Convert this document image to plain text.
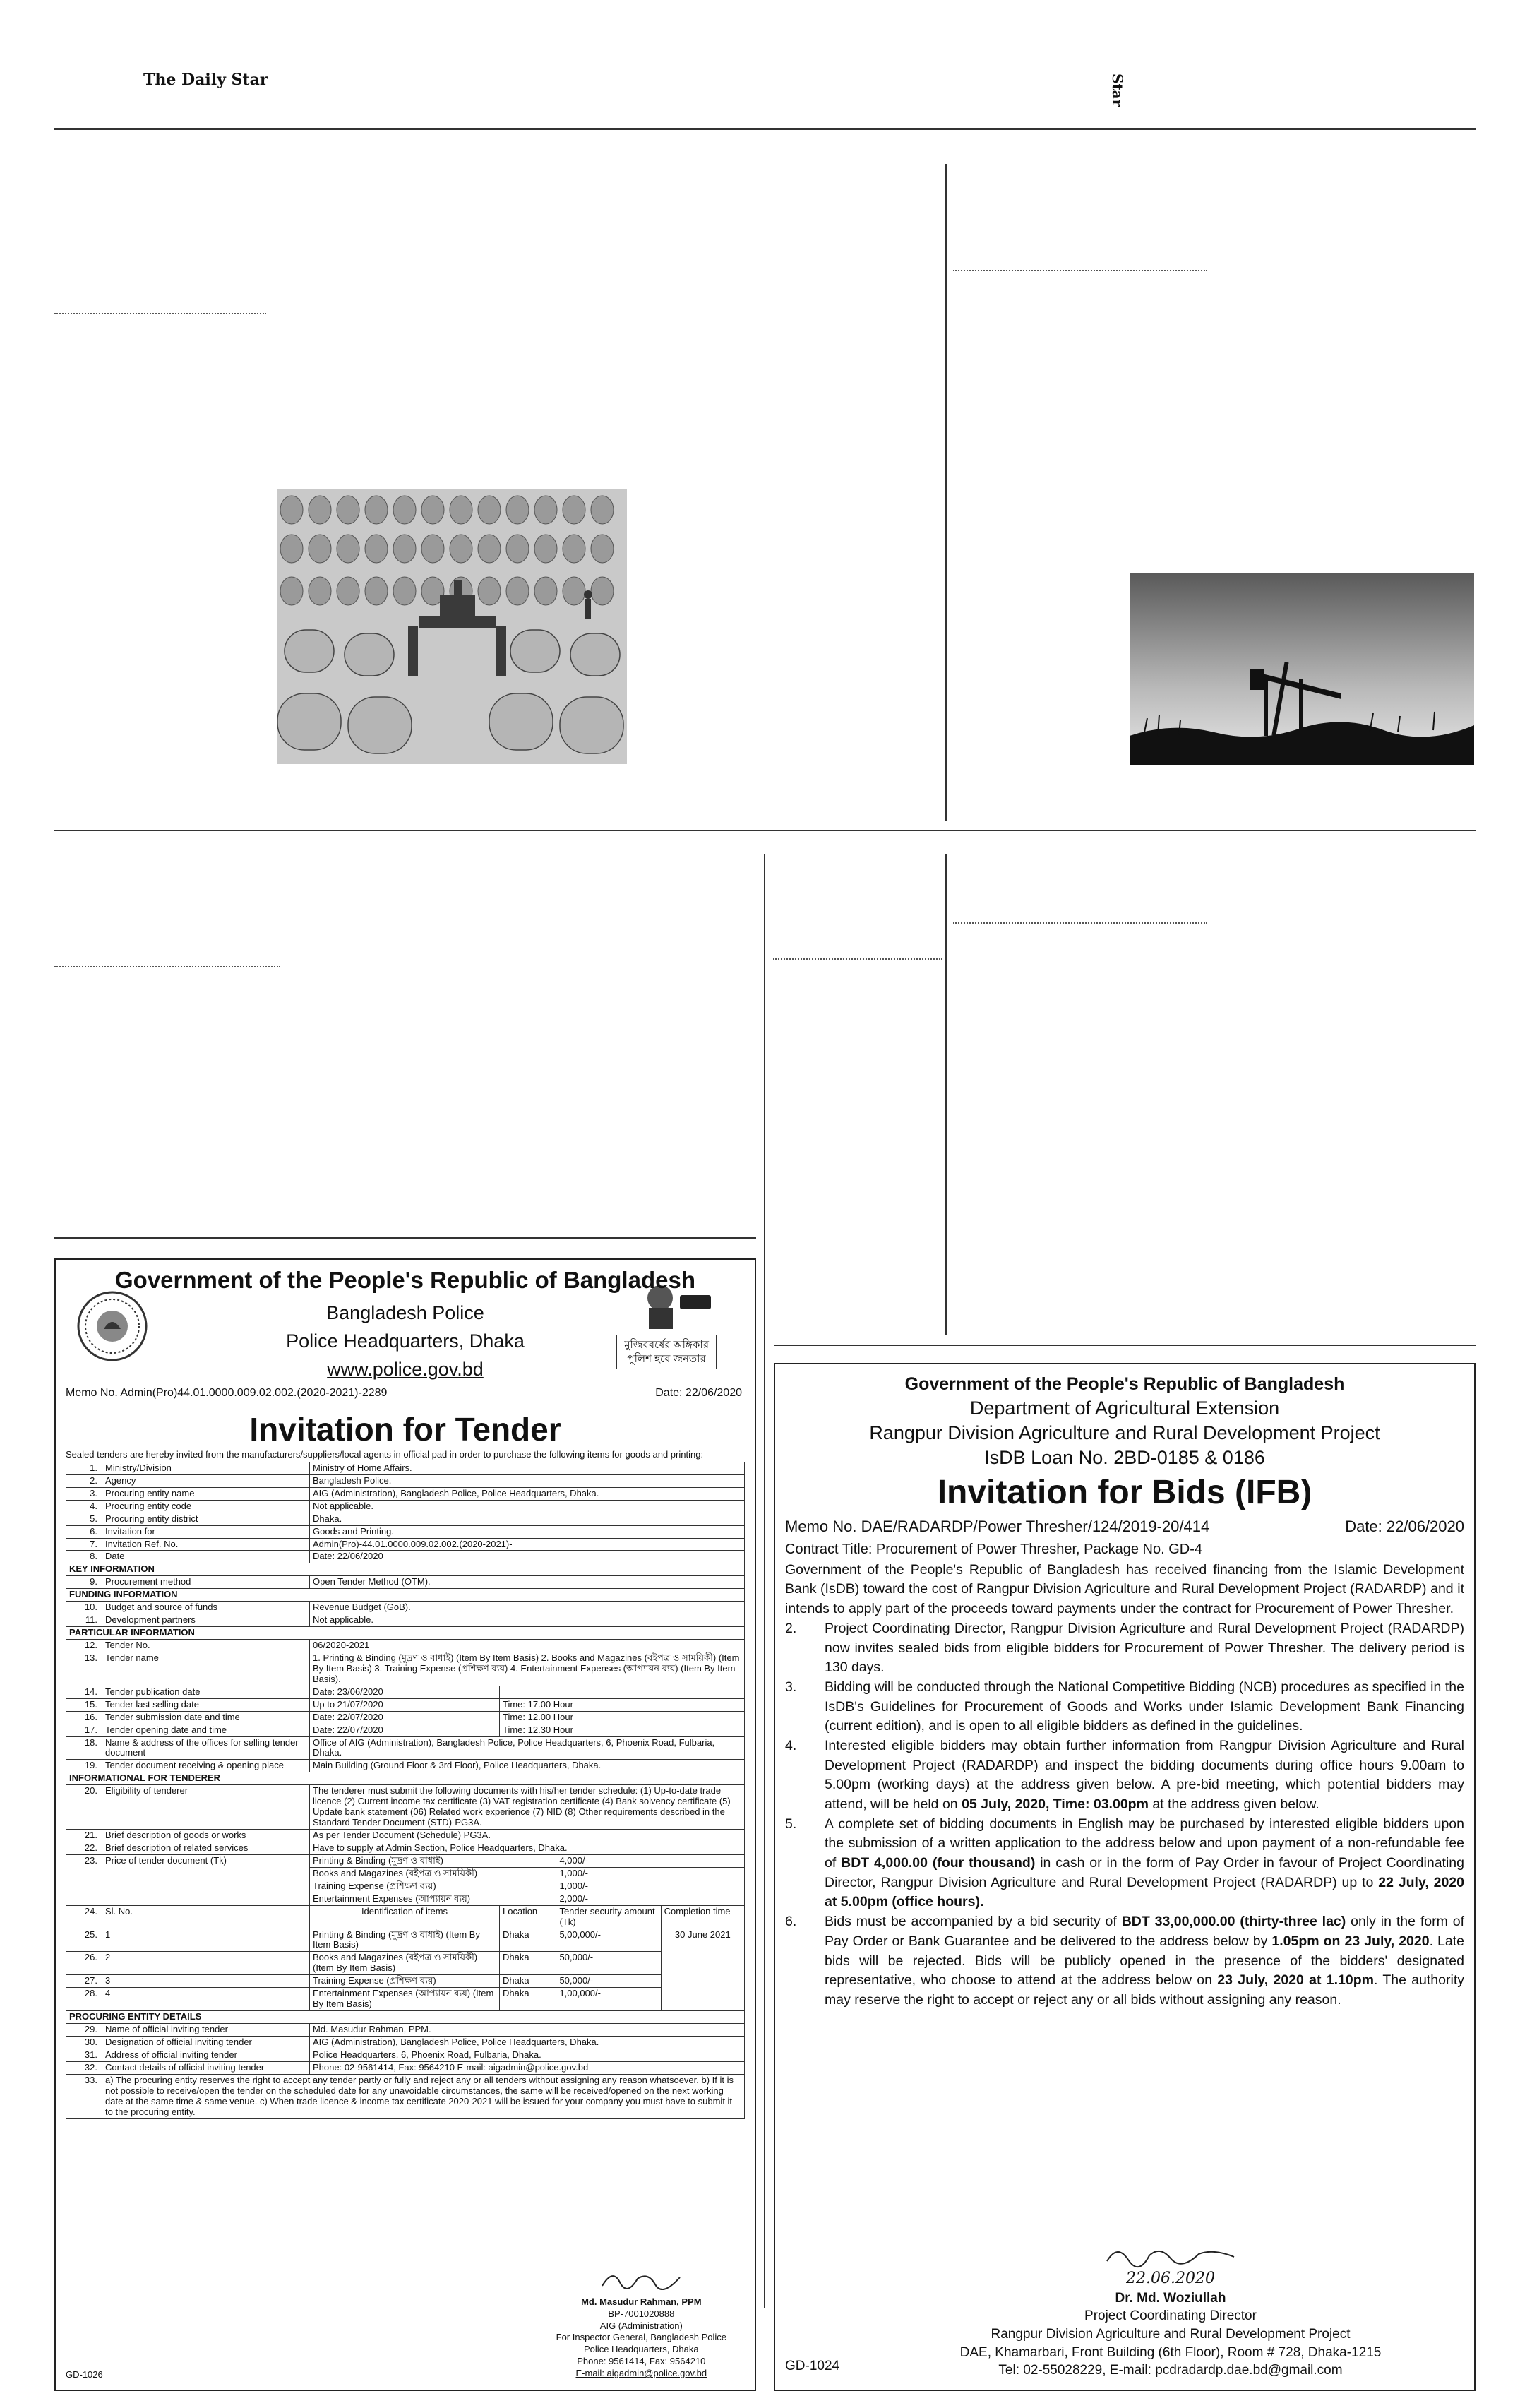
The Daily Star	Star
Government of the People's Republic of Bangladesh
Bangladesh Police
Police Headquarters, Dhaka
www.police.gov.bd
মুজিববর্ষের অঙ্গিকার
পুলিশ হবে জনতার
Memo No. Admin(Pro)44.01.0000.009.02.002.(2020-2021)-2289	Date: 22/06/2020
Invitation for Tender
Sealed tenders are hereby invited from the manufacturers/suppliers/local agents in official pad in order to purchase the following items for goods and printing:
1.	Ministry/Division	Ministry of Home Affairs.			
2.	Agency	Bangladesh Police.			
3.	Procuring entity name	AIG (Administration), Bangladesh Police, Police Headquarters, Dhaka.			
4.	Procuring entity code	Not applicable.			
5.	Procuring entity district	Dhaka.			
6.	Invitation for	Goods and Printing.			
7.	Invitation Ref. No.	Admin(Pro)-44.01.0000.009.02.002.(2020-2021)-			
8.	Date	Date: 22/06/2020			
KEY INFORMATION					
9.	Procurement method	Open Tender Method (OTM).			
FUNDING INFORMATION					
10.	Budget and source of funds	Revenue Budget (GoB).			
11.	Development partners	Not applicable.			
PARTICULAR INFORMATION					
12.	Tender No.	06/2020-2021			
13.	Tender name	1. Printing & Binding (মুদ্রণ ও বাধাই) (Item By Item Basis) 2. Books and Magazines (বইপত্র ও সাময়িকী) (Item By Item Basis) 3. Training Expense (প্রশিক্ষণ ব্যয়) 4. Entertainment Expenses (আপ্যায়ন ব্যয়) (Item By Item Basis).			
14.	Tender publication date	Date: 23/06/2020			
15.	Tender last selling date	Up to 21/07/2020	Time: 17.00 Hour		
16.	Tender submission date and time	Date: 22/07/2020	Time: 12.00 Hour		
17.	Tender opening date and time	Date: 22/07/2020	Time: 12.30 Hour		
18.	Name & address of the offices for selling tender document	Office of AIG (Administration), Bangladesh Police, Police Headquarters, 6, Phoenix Road, Fulbaria, Dhaka.			
19.	Tender document receiving & opening place	Main Building (Ground Floor & 3rd Floor), Police Headquarters, Dhaka.			
INFORMATIONAL FOR TENDERER					
20.	Eligibility of tenderer	The tenderer must submit the following documents with his/her tender schedule: (1) Up-to-date trade licence (2) Current income tax certificate (3) VAT registration certificate (4) Bank solvency certificate (5) Update bank statement (06) Related work experience (7) NID (8) Other requirements described in the Standard Tender Document (STD)-PG3A.			
21.	Brief description of goods or works	As per Tender Document (Schedule) PG3A.			
22.	Brief description of related services	Have to supply at Admin Section, Police Headquarters, Dhaka.			
23.	Price of tender document (Tk)	Printing & Binding (মুদ্রণ ও বাধাই)		4,000/-	
		Books and Magazines (বইপত্র ও সাময়িকী)		1,000/-	
		Training Expense (প্রশিক্ষণ ব্যয়)		1,000/-	
		Entertainment Expenses (আপ্যায়ন ব্যয়)		2,000/-	
24.	Sl. No.	Identification of items	Location	Tender security amount (Tk)	Completion time
25.	1	Printing & Binding (মুদ্রণ ও বাধাই) (Item By Item Basis)	Dhaka	5,00,000/-	30 June 2021
26.	2	Books and Magazines (বইপত্র ও সাময়িকী) (Item By Item Basis)	Dhaka	50,000/-	
27.	3	Training Expense (প্রশিক্ষণ ব্যয়)	Dhaka	50,000/-	
28.	4	Entertainment Expenses (আপ্যায়ন ব্যয়) (Item By Item Basis)	Dhaka	1,00,000/-	
PROCURING ENTITY DETAILS					
29.	Name of official inviting tender	Md. Masudur Rahman, PPM.			
30.	Designation of official inviting tender	AIG (Administration), Bangladesh Police, Police Headquarters, Dhaka.			
31.	Address of official inviting tender	Police Headquarters, 6, Phoenix Road, Fulbaria, Dhaka.			
32.	Contact details of official inviting tender	Phone: 02-9561414, Fax: 9564210 E-mail: aigadmin@police.gov.bd			
33.	a) The procuring entity reserves the right to accept any tender partly or fully and reject any or all tenders without assigning any reason whatsoever. b) If it is not possible to receive/open the tender on the scheduled date for any unavoidable circumstances, the same will be received/opened on the next working date at the same time & same venue. c) When trade licence & income tax certificate 2020-2021 will be issued for your company you must have to submit it to the procuring entity.				
Md. Masudur Rahman, PPM
BP-7001020888
AIG (Administration)
For Inspector General, Bangladesh Police
Police Headquarters, Dhaka
Phone: 9561414, Fax: 9564210
E-mail: aigadmin@police.gov.bd
GD-1026
Government of the People's Republic of Bangladesh
Department of Agricultural Extension
Rangpur Division Agriculture and Rural Development Project
IsDB Loan No. 2BD-0185 & 0186
Invitation for Bids (IFB)
Memo No. DAE/RADARDP/Power Thresher/124/2019-20/414	Date: 22/06/2020
Contract Title: Procurement of Power Thresher, Package No. GD-4
Government of the People's Republic of Bangladesh has received financing from the Islamic Development Bank (IsDB) toward the cost of Rangpur Division Agriculture and Rural Development Project (RADARDP) and it intends to apply part of the proceeds toward payments under the contract for Procurement of Power Thresher.
2.	Project Coordinating Director, Rangpur Division Agriculture and Rural Development Project (RADARDP) now invites sealed bids from eligible bidders for Procurement of Power Thresher. The delivery period is 130 days.
3.	Bidding will be conducted through the National Competitive Bidding (NCB) procedures as specified in the IsDB's Guidelines for Procurement of Goods and Works under Islamic Development Bank Financing (current edition), and is open to all eligible bidders as defined in the guidelines.
4.	Interested eligible bidders may obtain further information from Rangpur Division Agriculture and Rural Development Project (RADARDP) and inspect the bidding documents during office hours 9.00am to 5.00pm (working days) at the address given below. A pre-bid meeting, which potential bidders may attend, will be held on 05 July, 2020, Time: 03.00pm at the address given below.
5.	A complete set of bidding documents in English may be purchased by interested eligible bidders upon the submission of a written application to the address below and upon payment of a non-refundable fee of BDT 4,000.00 (four thousand) in cash or in the form of Pay Order in favour of Project Coordinating Director, Rangpur Division Agriculture and Rural Development Project (RADARDP) up to 22 July, 2020 at 5.00pm (office hours).
6.	Bids must be accompanied by a bid security of BDT 33,00,000.00 (thirty-three lac) only in the form of Pay Order or Bank Guarantee and be delivered to the address below by 1.05pm on 23 July, 2020. Late bids will be rejected. Bids will be publicly opened in the presence of the bidders' designated representative, who choose to attend at the address below on 23 July, 2020 at 1.10pm. The authority may reserve the right to accept or reject any or all bids without assigning any reason.
22.06.2020
Dr. Md. Woziullah
Project Coordinating Director
Rangpur Division Agriculture and Rural Development Project
DAE, Khamarbari, Front Building (6th Floor), Room # 728, Dhaka-1215
Tel: 02-55028229, E-mail: pcdradardp.dae.bd@gmail.com
GD-1024
